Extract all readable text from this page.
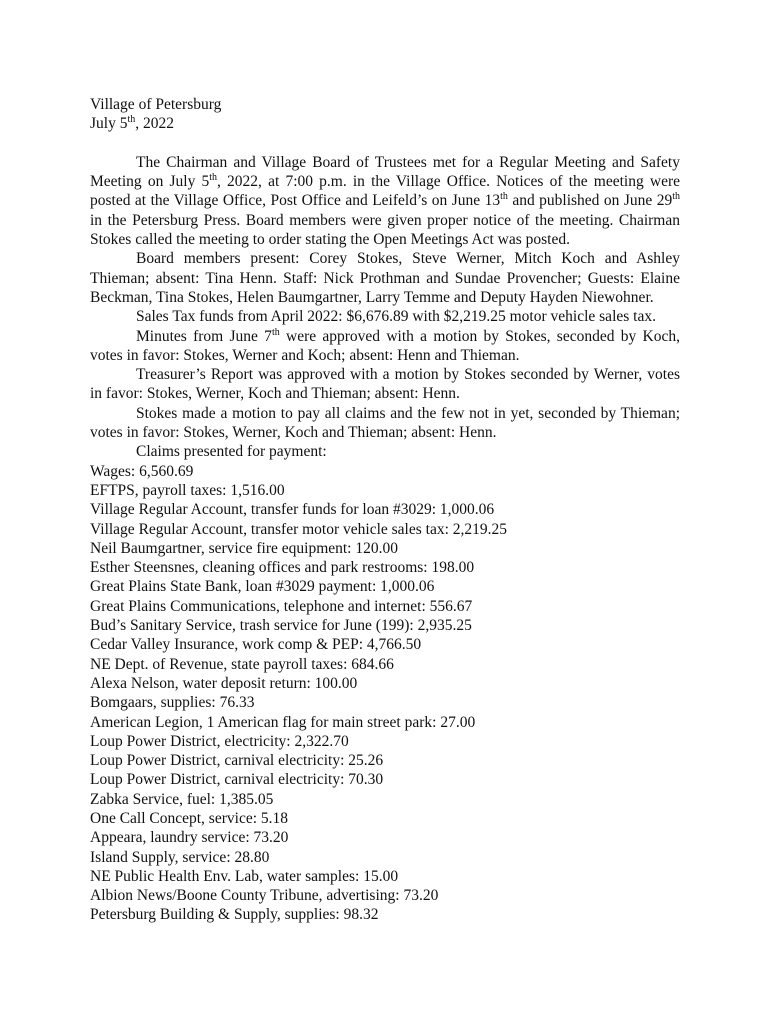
Village of Petersburg
July 5th, 2022

The Chairman and Village Board of Trustees met for a Regular Meeting and Safety Meeting on July 5th, 2022, at 7:00 p.m. in the Village Office. Notices of the meeting were posted at the Village Office, Post Office and Leifeld’s on June 13th and published on June 29th in the Petersburg Press. Board members were given proper notice of the meeting. Chairman Stokes called the meeting to order stating the Open Meetings Act was posted.

Board members present: Corey Stokes, Steve Werner, Mitch Koch and Ashley Thieman; absent: Tina Henn. Staff: Nick Prothman and Sundae Provencher; Guests: Elaine Beckman, Tina Stokes, Helen Baumgartner, Larry Temme and Deputy Hayden Niewohner.

Sales Tax funds from April 2022: $6,676.89 with $2,219.25 motor vehicle sales tax.

Minutes from June 7th were approved with a motion by Stokes, seconded by Koch, votes in favor: Stokes, Werner and Koch; absent: Henn and Thieman.

Treasurer’s Report was approved with a motion by Stokes seconded by Werner, votes in favor: Stokes, Werner, Koch and Thieman; absent: Henn.

Stokes made a motion to pay all claims and the few not in yet, seconded by Thieman; votes in favor: Stokes, Werner, Koch and Thieman; absent: Henn.

Claims presented for payment:

Wages: 6,560.69
EFTPS, payroll taxes: 1,516.00
Village Regular Account, transfer funds for loan #3029: 1,000.06
Village Regular Account, transfer motor vehicle sales tax: 2,219.25
Neil Baumgartner, service fire equipment: 120.00
Esther Steensnes, cleaning offices and park restrooms: 198.00
Great Plains State Bank, loan #3029 payment: 1,000.06
Great Plains Communications, telephone and internet: 556.67
Bud’s Sanitary Service, trash service for June (199): 2,935.25
Cedar Valley Insurance, work comp & PEP: 4,766.50
NE Dept. of Revenue, state payroll taxes: 684.66
Alexa Nelson, water deposit return: 100.00
Bomgaars, supplies: 76.33
American Legion, 1 American flag for main street park: 27.00
Loup Power District, electricity: 2,322.70
Loup Power District, carnival electricity: 25.26
Loup Power District, carnival electricity: 70.30
Zabka Service, fuel: 1,385.05
One Call Concept, service: 5.18
Appeara, laundry service: 73.20
Island Supply, service: 28.80
NE Public Health Env. Lab, water samples: 15.00
Albion News/Boone County Tribune, advertising: 73.20
Petersburg Building & Supply, supplies: 98.32
